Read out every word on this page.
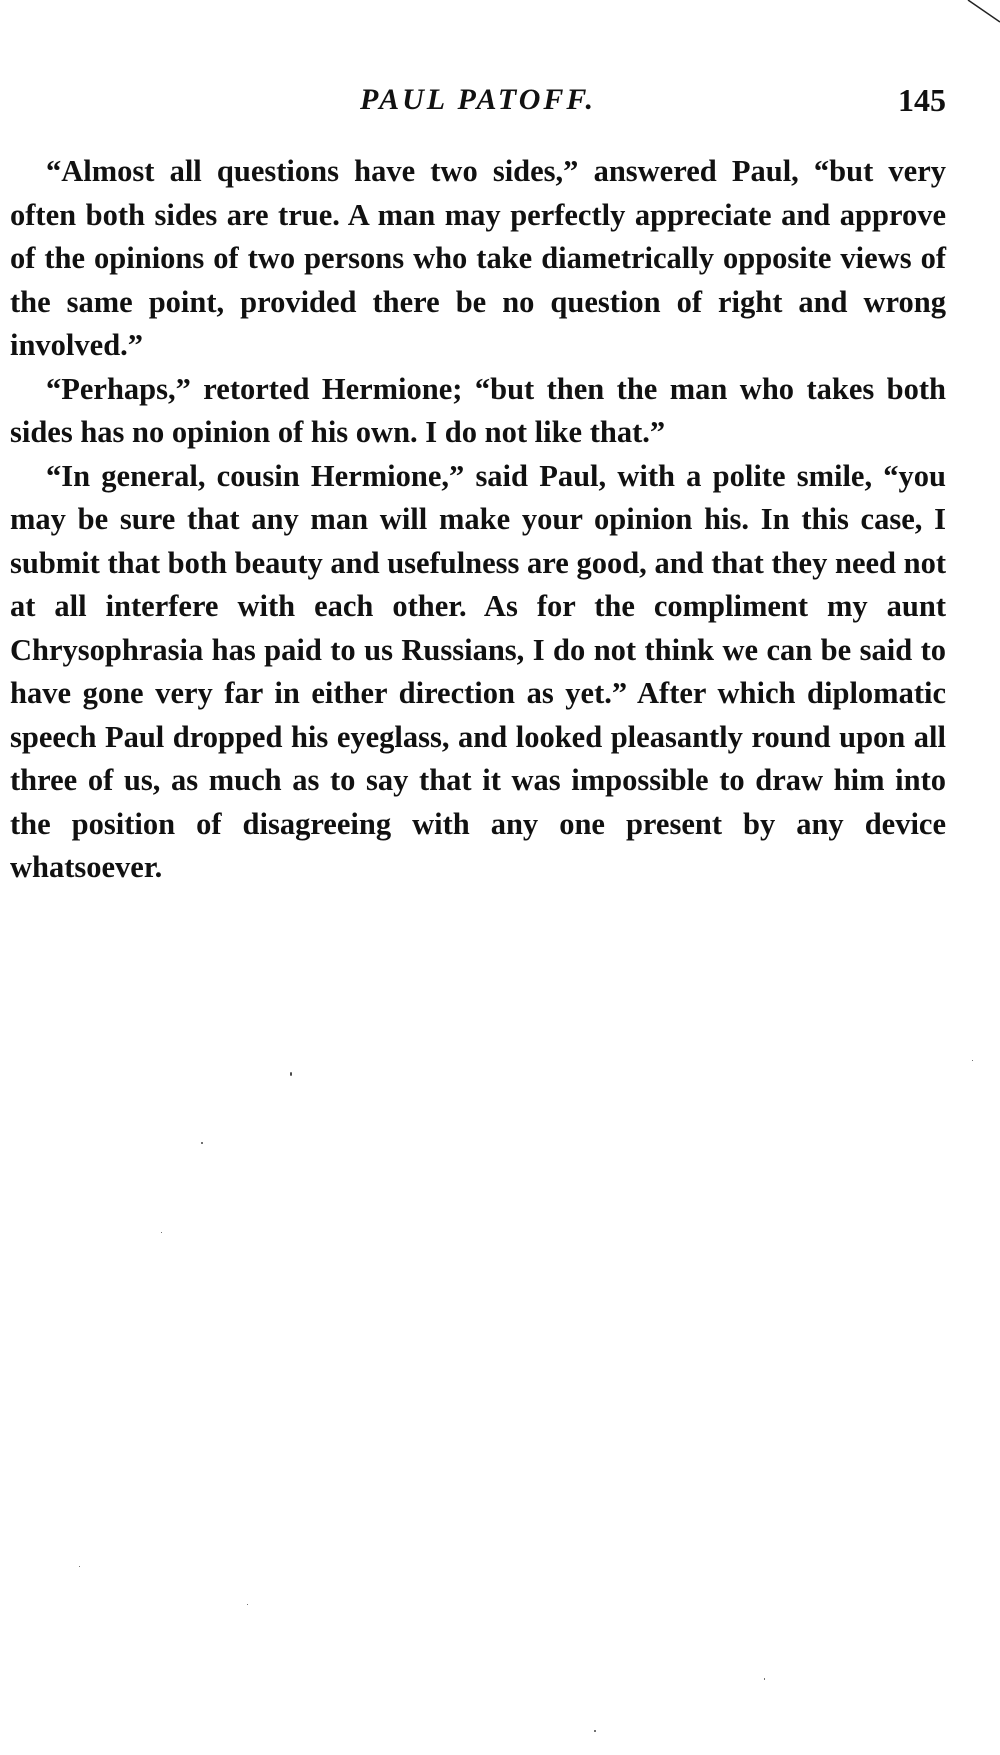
PAUL PATOFF.	145

“Almost all questions have two sides,” answered Paul, “but very often both sides are true. A man may perfectly appreciate and approve of the opinions of two persons who take diametrically opposite views of the same point, provided there be no question of right and wrong involved.”

“Perhaps,” retorted Hermione; “but then the man who takes both sides has no opinion of his own. I do not like that.”

“In general, cousin Hermione,” said Paul, with a polite smile, “you may be sure that any man will make your opinion his. In this case, I submit that both beauty and usefulness are good, and that they need not at all interfere with each other. As for the compliment my aunt Chrysophrasia has paid to us Russians, I do not think we can be said to have gone very far in either direction as yet.” After which diplomatic speech Paul dropped his eyeglass, and looked pleasantly round upon all three of us, as much as to say that it was impossible to draw him into the position of disagreeing with any one present by any device whatsoever.
